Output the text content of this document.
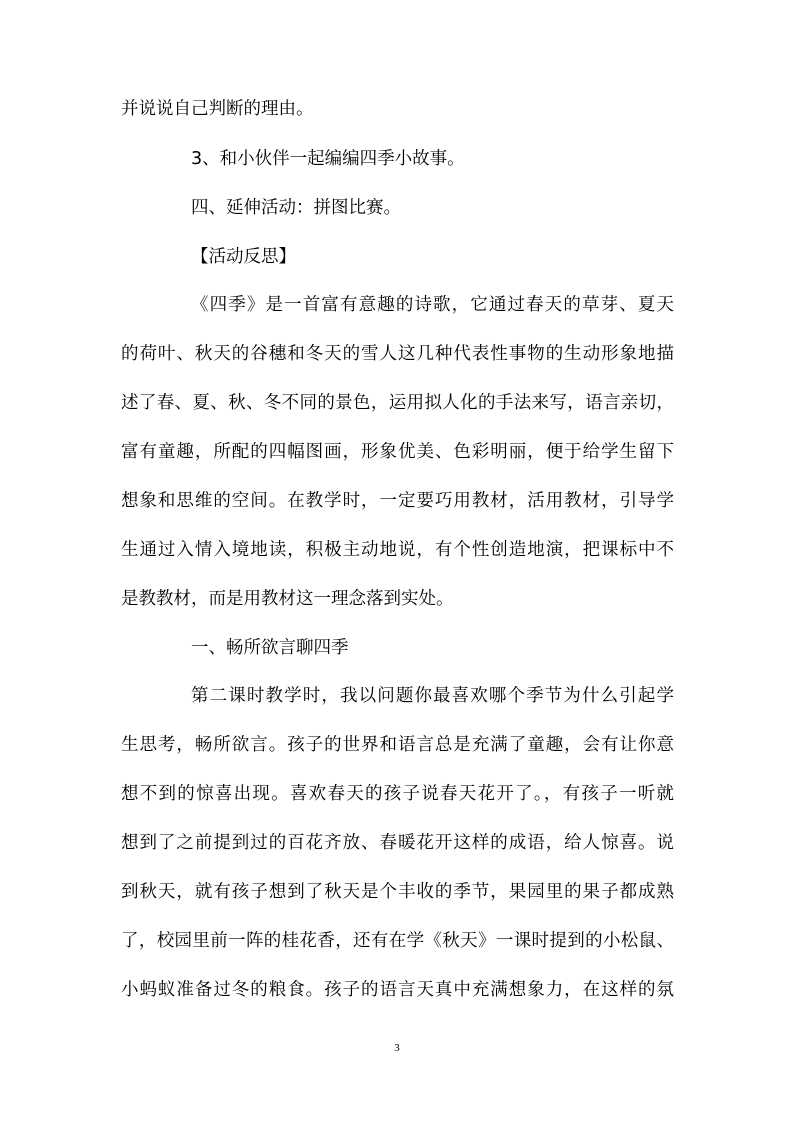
并说说自己判断的理由。
3、和小伙伴一起编编四季小故事。
四、延伸活动：拼图比赛。
【活动反思】
《四季》是一首富有意趣的诗歌，它通过春天的草芽、夏天
的荷叶、秋天的谷穗和冬天的雪人这几种代表性事物的生动形象地描
述了春、夏、秋、冬不同的景色，运用拟人化的手法来写，语言亲切，
富有童趣，所配的四幅图画，形象优美、色彩明丽，便于给学生留下
想象和思维的空间。在教学时，一定要巧用教材，活用教材，引导学
生通过入情入境地读，积极主动地说，有个性创造地演，把课标中不
是教教材，而是用教材这一理念落到实处。
一、畅所欲言聊四季
第二课时教学时，我以问题你最喜欢哪个季节为什么引起学
生思考，畅所欲言。孩子的世界和语言总是充满了童趣，会有让你意
想不到的惊喜出现。喜欢春天的孩子说春天花开了。，有孩子一听就
想到了之前提到过的百花齐放、春暖花开这样的成语，给人惊喜。说
到秋天，就有孩子想到了秋天是个丰收的季节，果园里的果子都成熟
了，校园里前一阵的桂花香，还有在学《秋天》一课时提到的小松鼠、
小蚂蚁准备过冬的粮食。孩子的语言天真中充满想象力，在这样的氛
3
